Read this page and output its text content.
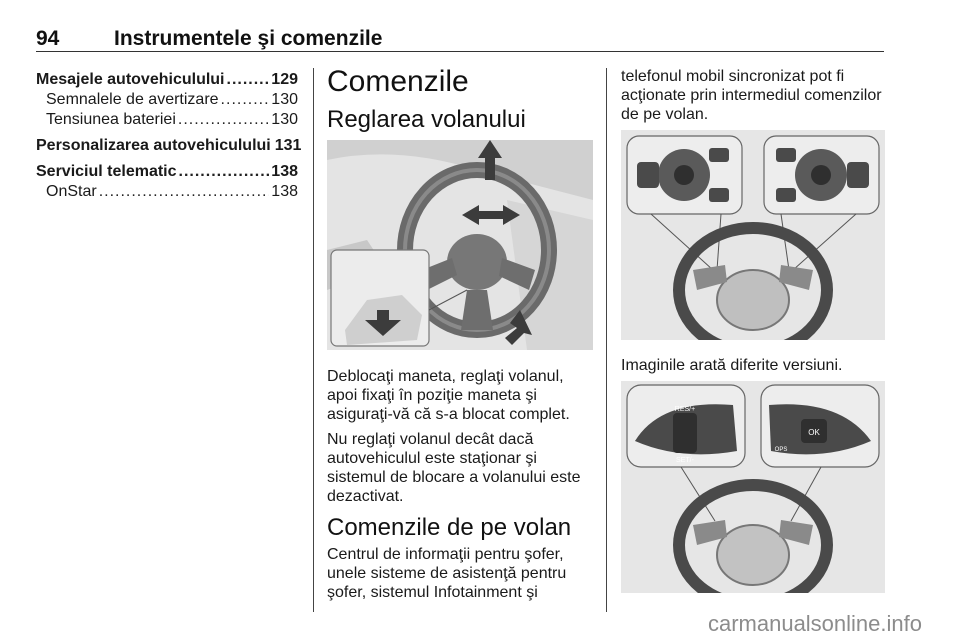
94	Instrumentele şi comenzile
Mesajele autovehiculului .....	129
Semnalele de avertizare .....	130
Tensiunea bateriei .....	130
Personalizarea autovehiculului 131
Serviciul telematic .....	138
OnStar .....	138
Comenzile
Reglarea volanului

Deblocaţi maneta, reglaţi volanul, apoi fixaţi în poziţie maneta şi asiguraţi-vă că s-a blocat complet.

Nu reglaţi volanul decât dacă autovehiculul este staţionar şi sistemul de blocare a volanului este dezactivat.

Comenzile de pe volan

Centrul de informaţii pentru şofer, unele sisteme de asistenţă pentru şofer, sistemul Infotainment şi

telefonul mobil sincronizat pot fi acţionate prin intermediul comenzilor de pe volan.

Imaginile arată diferite versiuni.

RES/+
SET/-
OK
OPS
carmanualsonline.info
